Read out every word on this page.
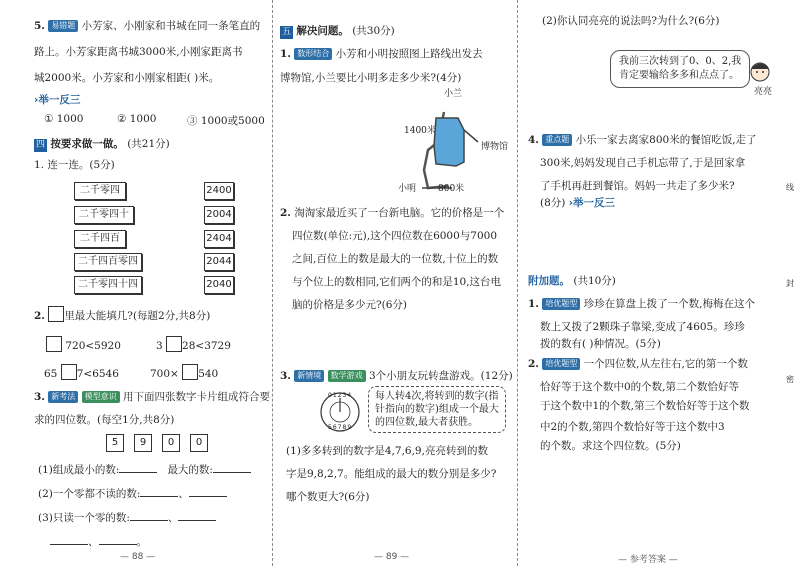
5. 易错题 小芳家、小刚家和书城在同一条笔直的
路上。小芳家距离书城3000米,小刚家距离书
城2000米。小芳家和小刚家相距( )米。
›举一反三
① 1000	② 1000	③ 1000或5000
四 按要求做一做。 (共21分)
1. 连一连。(5分)
二千零四
二千零四十
二千四百
二千四百零四
二千零四十四
2400
2004
2404
2044
2040
2. 里最大能填几?(每题2分,共8分)
720<5920	3 28<3729
65 7<6546	700× 540
3. 新考法 模型意识 用下面四张数字卡片组成符合要
求的四位数。(每空1分,共8分)
5	9	0	0
(1)组成最小的数:	最大的数:
(2)一个零都不读的数:	、
(3)只读一个零的数:	、
、	。
— 88 —
五 解决问题。 (共30分)
1. 数形结合 小芳和小明按照图上路线出发去
博物馆,小兰要比小明多走多少米?(4分)
小兰
1400米
博物馆
小明 800米
2. 淘淘家最近买了一台新电脑。它的价格是一个
四位数(单位:元),这个四位数在6000与7000
之间,百位上的数是最大的一位数,十位上的数
与个位上的数相同,它们两个的和是10,这台电
脑的价格是多少元?(6分)
3. 新情境 数学游戏 3个小朋友玩转盘游戏。(12分)
01234
56789
每人转4次,将转到的数字(指
针指向的数字)组成一个最大
的四位数,最大者获胜。
(1)多多转到的数字是4,7,6,9,亮亮转到的数
字是9,8,2,7。能组成的最大的数分别是多少?
哪个数更大?(6分)
— 89 —
(2)你认同亮亮的说法吗?为什么?(6分)
我前三次转到了0、0、2,我
肯定要输给多多和点点了。
亮亮
4. 重点题 小乐一家去离家800米的餐馆吃饭,走了
300米,妈妈发现自己手机忘带了,于是回家拿
了手机再赶到餐馆。妈妈一共走了多少米?
(8分) ›举一反三
附加题。 (共10分)
1. 培优题型 珍珍在算盘上拨了一个数,梅梅在这个
数上又拨了2颗珠子靠梁,变成了4605。珍珍
拨的数有( )种情况。(5分)
2. 培优题型 一个四位数,从左往右,它的第一个数
恰好等于这个数中0的个数,第二个数恰好等
于这个数中1的个数,第三个数恰好等于这个数
中2的个数,第四个数恰好等于这个数中3
的个数。求这个四位数。(5分)
线
封
密
— 参考答案 —
